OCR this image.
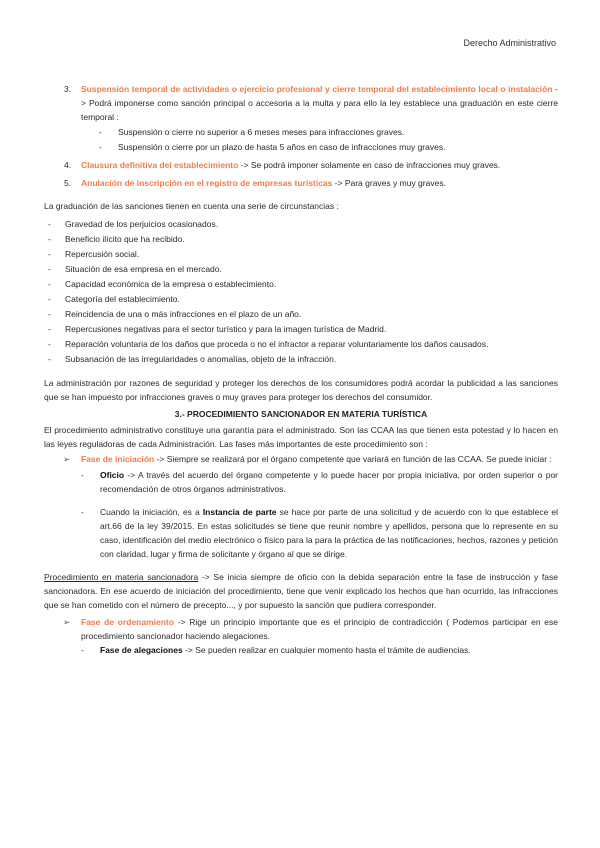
Derecho Administrativo
3. Suspensión temporal de actividades o ejercicio profesional y cierre temporal del establecimiento local o instalación -> Podrá imponerse como sanción principal o accesoria a la multa y para ello la ley establece una graduación en este cierre temporal :
- Suspensión o cierre no superior a 6 meses meses para infracciones graves.
- Suspensión o cierre por un plazo de hasta 5 años en caso de infracciones muy graves.
4. Clausura definitiva del establecimiento -> Se podrá imponer solamente en caso de infracciones muy graves.
5. Anulación de inscripción en el registro de empresas turísticas -> Para graves y muy graves.

La graduación de las sanciones tienen en cuenta una serie de circunstancias :

- Gravedad de los perjuicios ocasionados.
- Beneficio ilícito que ha recibido.
- Repercusión social.
- Situación de esa empresa en el mercado.
- Capacidad económica de la empresa o establecimiento.
- Categoría del establecimiento.
- Reincidencia de una o más infracciones en el plazo de un año.
- Repercusiones negativas para el sector turístico y para la imagen turística de Madrid.
- Reparación voluntaria de los daños que proceda o no el infractor a reparar voluntariamente los daños causados.
- Subsanación de las irregularidades o anomalías, objeto de la infracción.

La administración por razones de seguridad y proteger los derechos de los consumidores podrá acordar la publicidad a las sanciones que se han impuesto por infracciones graves o muy graves para proteger los derechos del consumidor.

3.- PROCEDIMIENTO SANCIONADOR EN MATERIA TURÍSTICA

El procedimiento administrativo constituye una garantía para el administrado. Son las CCAA las que tienen esta potestad y lo hacen en las leyes reguladoras de cada Administración. Las fases más importantes de este procedimiento son :

➢ Fase de iniciación -> Siempre se realizará por el órgano competente que variará en función de las CCAA. Se puede iniciar :
- Oficio -> A través del acuerdo del órgano competente y lo puede hacer por propia iniciativa, por orden superior o por recomendación de otros órganos administrativos.
- Cuando la iniciación, es a Instancia de parte se hace por parte de una solicitud y de acuerdo con lo que establece el art.66 de la ley 39/2015. En estas solicitudes se tiene que reunir nombre y apellidos, persona que lo represente en su caso, identificación del medio electrónico o físico para la para la práctica de las notificaciones, hechos, razones y petición con claridad, lugar y firma de solicitante y órgano al que se dirige.

Procedimiento en materia sancionadora -> Se inicia siempre de oficio con la debida separación entre la fase de instrucción y fase sancionadora. En ese acuerdo de iniciación del procedimiento, tiene que venir explicado los hechos que han ocurrido, las infracciones que se han cometido con el número de precepto..., y por supuesto la sanción que pudiera corresponder.

➢ Fase de ordenamiento -> Rige un principio importante que es el principio de contradicción ( Podemos participar en ese procedimiento sancionador haciendo alegaciones.
- Fase de alegaciones -> Se pueden realizar en cualquier momento hasta el trámite de audiencias.
